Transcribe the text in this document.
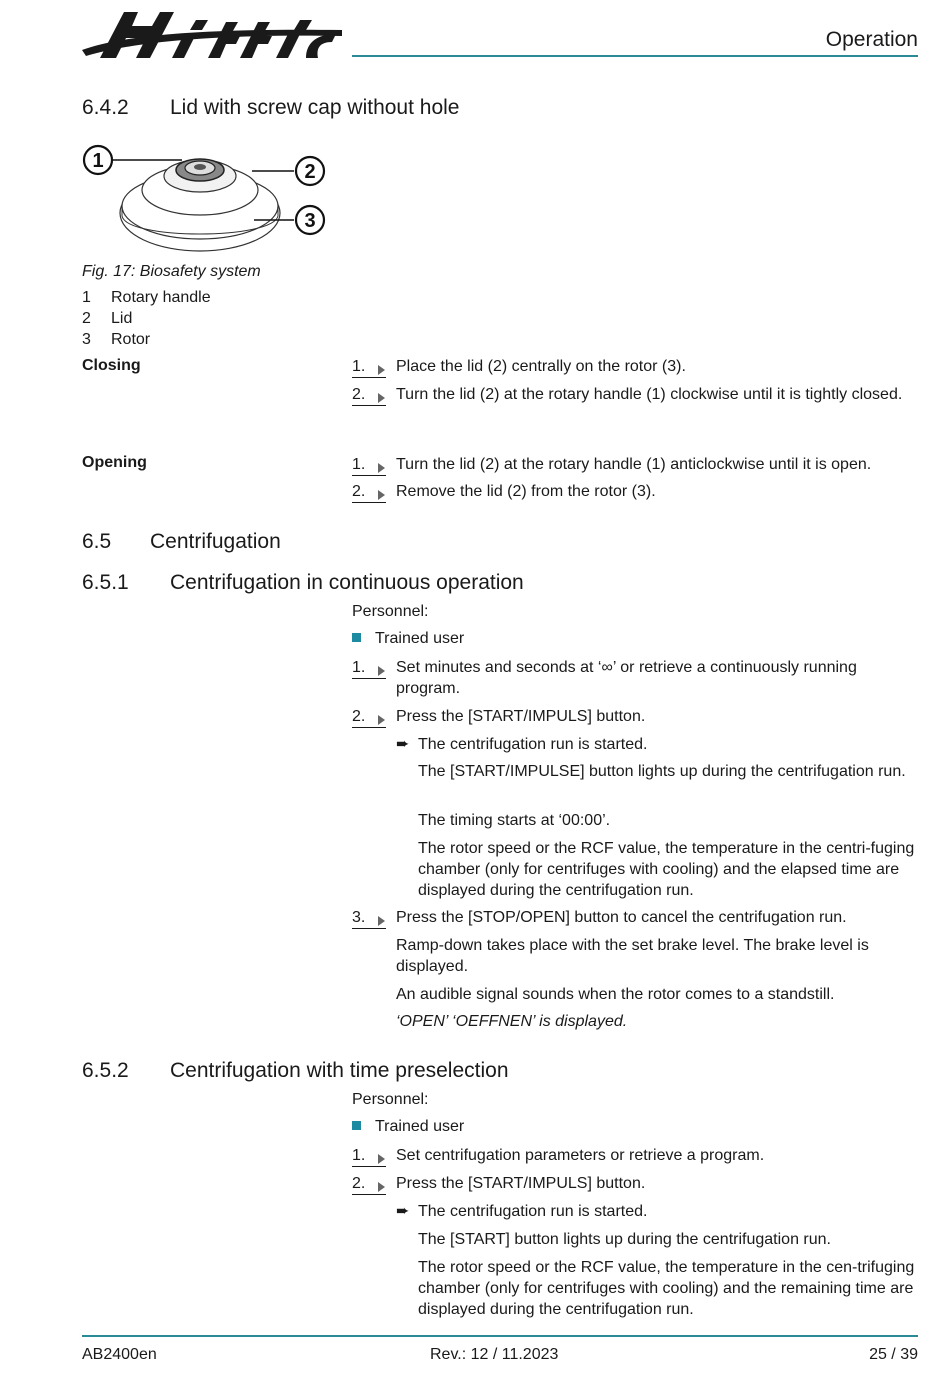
Operation
6.4.2 Lid with screw cap without hole
1	2
3
Fig. 17: Biosafety system
1 Rotary handle
2 Lid
3 Rotor
Closing	1.	Place the lid (2) centrally on the rotor (3).
2.	Turn the lid (2) at the rotary handle (1) clockwise until it is tightly closed.
Opening	1.	Turn the lid (2) at the rotary handle (1) anticlockwise until it is open.
2.	Remove the lid (2) from the rotor (3).
6.5 Centrifugation
6.5.1 Centrifugation in continuous operation
Personnel:
Trained user
1.	Set minutes and seconds at ‘∞’ or retrieve a continuously running program.
2.	Press the [START/IMPULS] button.
➨ The centrifugation run is started.
The [START/IMPULSE] button lights up during the centrifugation run.
The timing starts at ‘00:00’.
The rotor speed or the RCF value, the temperature in the centri-fuging chamber (only for centrifuges with cooling) and the elapsed time are displayed during the centrifugation run.
3.	Press the [STOP/OPEN] button to cancel the centrifugation run.
Ramp-down takes place with the set brake level. The brake level is displayed.
An audible signal sounds when the rotor comes to a standstill.
‘OPEN’ ‘OEFFNEN’ is displayed.
6.5.2 Centrifugation with time preselection
Personnel:
Trained user
1.	Set centrifugation parameters or retrieve a program.
2.	Press the [START/IMPULS] button.
➨ The centrifugation run is started.
The [START] button lights up during the centrifugation run.
The rotor speed or the RCF value, the temperature in the cen-trifuging chamber (only for centrifuges with cooling) and the remaining time are displayed during the centrifugation run.
AB2400en	Rev.: 12 / 11.2023	25 / 39
